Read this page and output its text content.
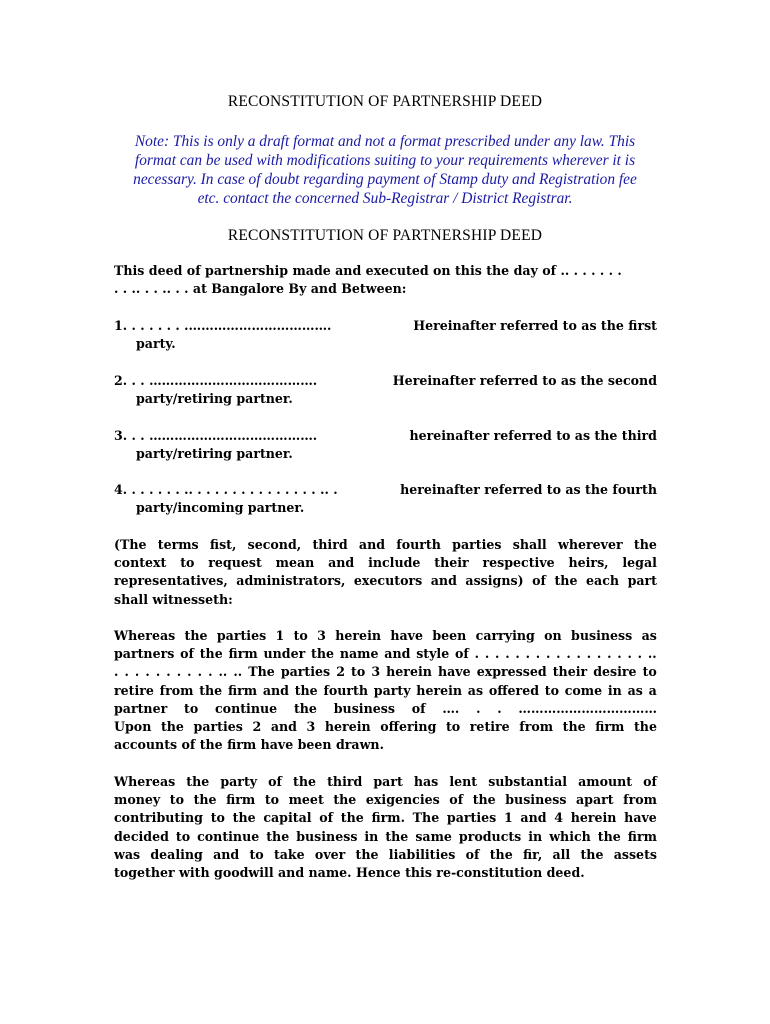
RECONSTITUTION OF PARTNERSHIP DEED
Note: This is only a draft format and not a format prescribed under any law. This
format can be used with modifications suiting to your requirements wherever it is
necessary. In case of doubt regarding payment of Stamp duty and Registration fee
etc. contact the concerned Sub-Registrar / District Registrar.
RECONSTITUTION OF PARTNERSHIP DEED
This deed of partnership made and executed on this the day of .. . . . . . .
. . .. . . .. . . at Bangalore By and Between:
1. . . . . . . .…………………………….	Hereinafter referred to as the first
party.
2. . . ………………………………….	Hereinafter referred to as the second
party/retiring partner.
3. . . ………………………………….	hereinafter referred to as the third
party/retiring partner.
4. . . . . . . .. . . . . . . . . . . . . . . .. .	hereinafter referred to as the fourth
party/incoming partner.
(The terms fist, second, third and fourth parties shall wherever the
context to request mean and include their respective heirs, legal
representatives, administrators, executors and assigns) of the each part
shall witnesseth:
Whereas the parties 1 to 3 herein have been carrying on business as
partners of the firm under the name and style of . . . . . . . . . . . . . . . . . ..
. . . . . . . . . . .. .. The parties 2 to 3 herein have expressed their desire to
retire from the firm and the fourth party herein as offered to come in as a
partner to continue the business of …. . . ……………………………
Upon the parties 2 and 3 herein offering to retire from the firm the
accounts of the firm have been drawn.
Whereas the party of the third part has lent substantial amount of
money to the firm to meet the exigencies of the business apart from
contributing to the capital of the firm. The parties 1 and 4 herein have
decided to continue the business in the same products in which the firm
was dealing and to take over the liabilities of the fir, all the assets
together with goodwill and name. Hence this re-constitution deed.
